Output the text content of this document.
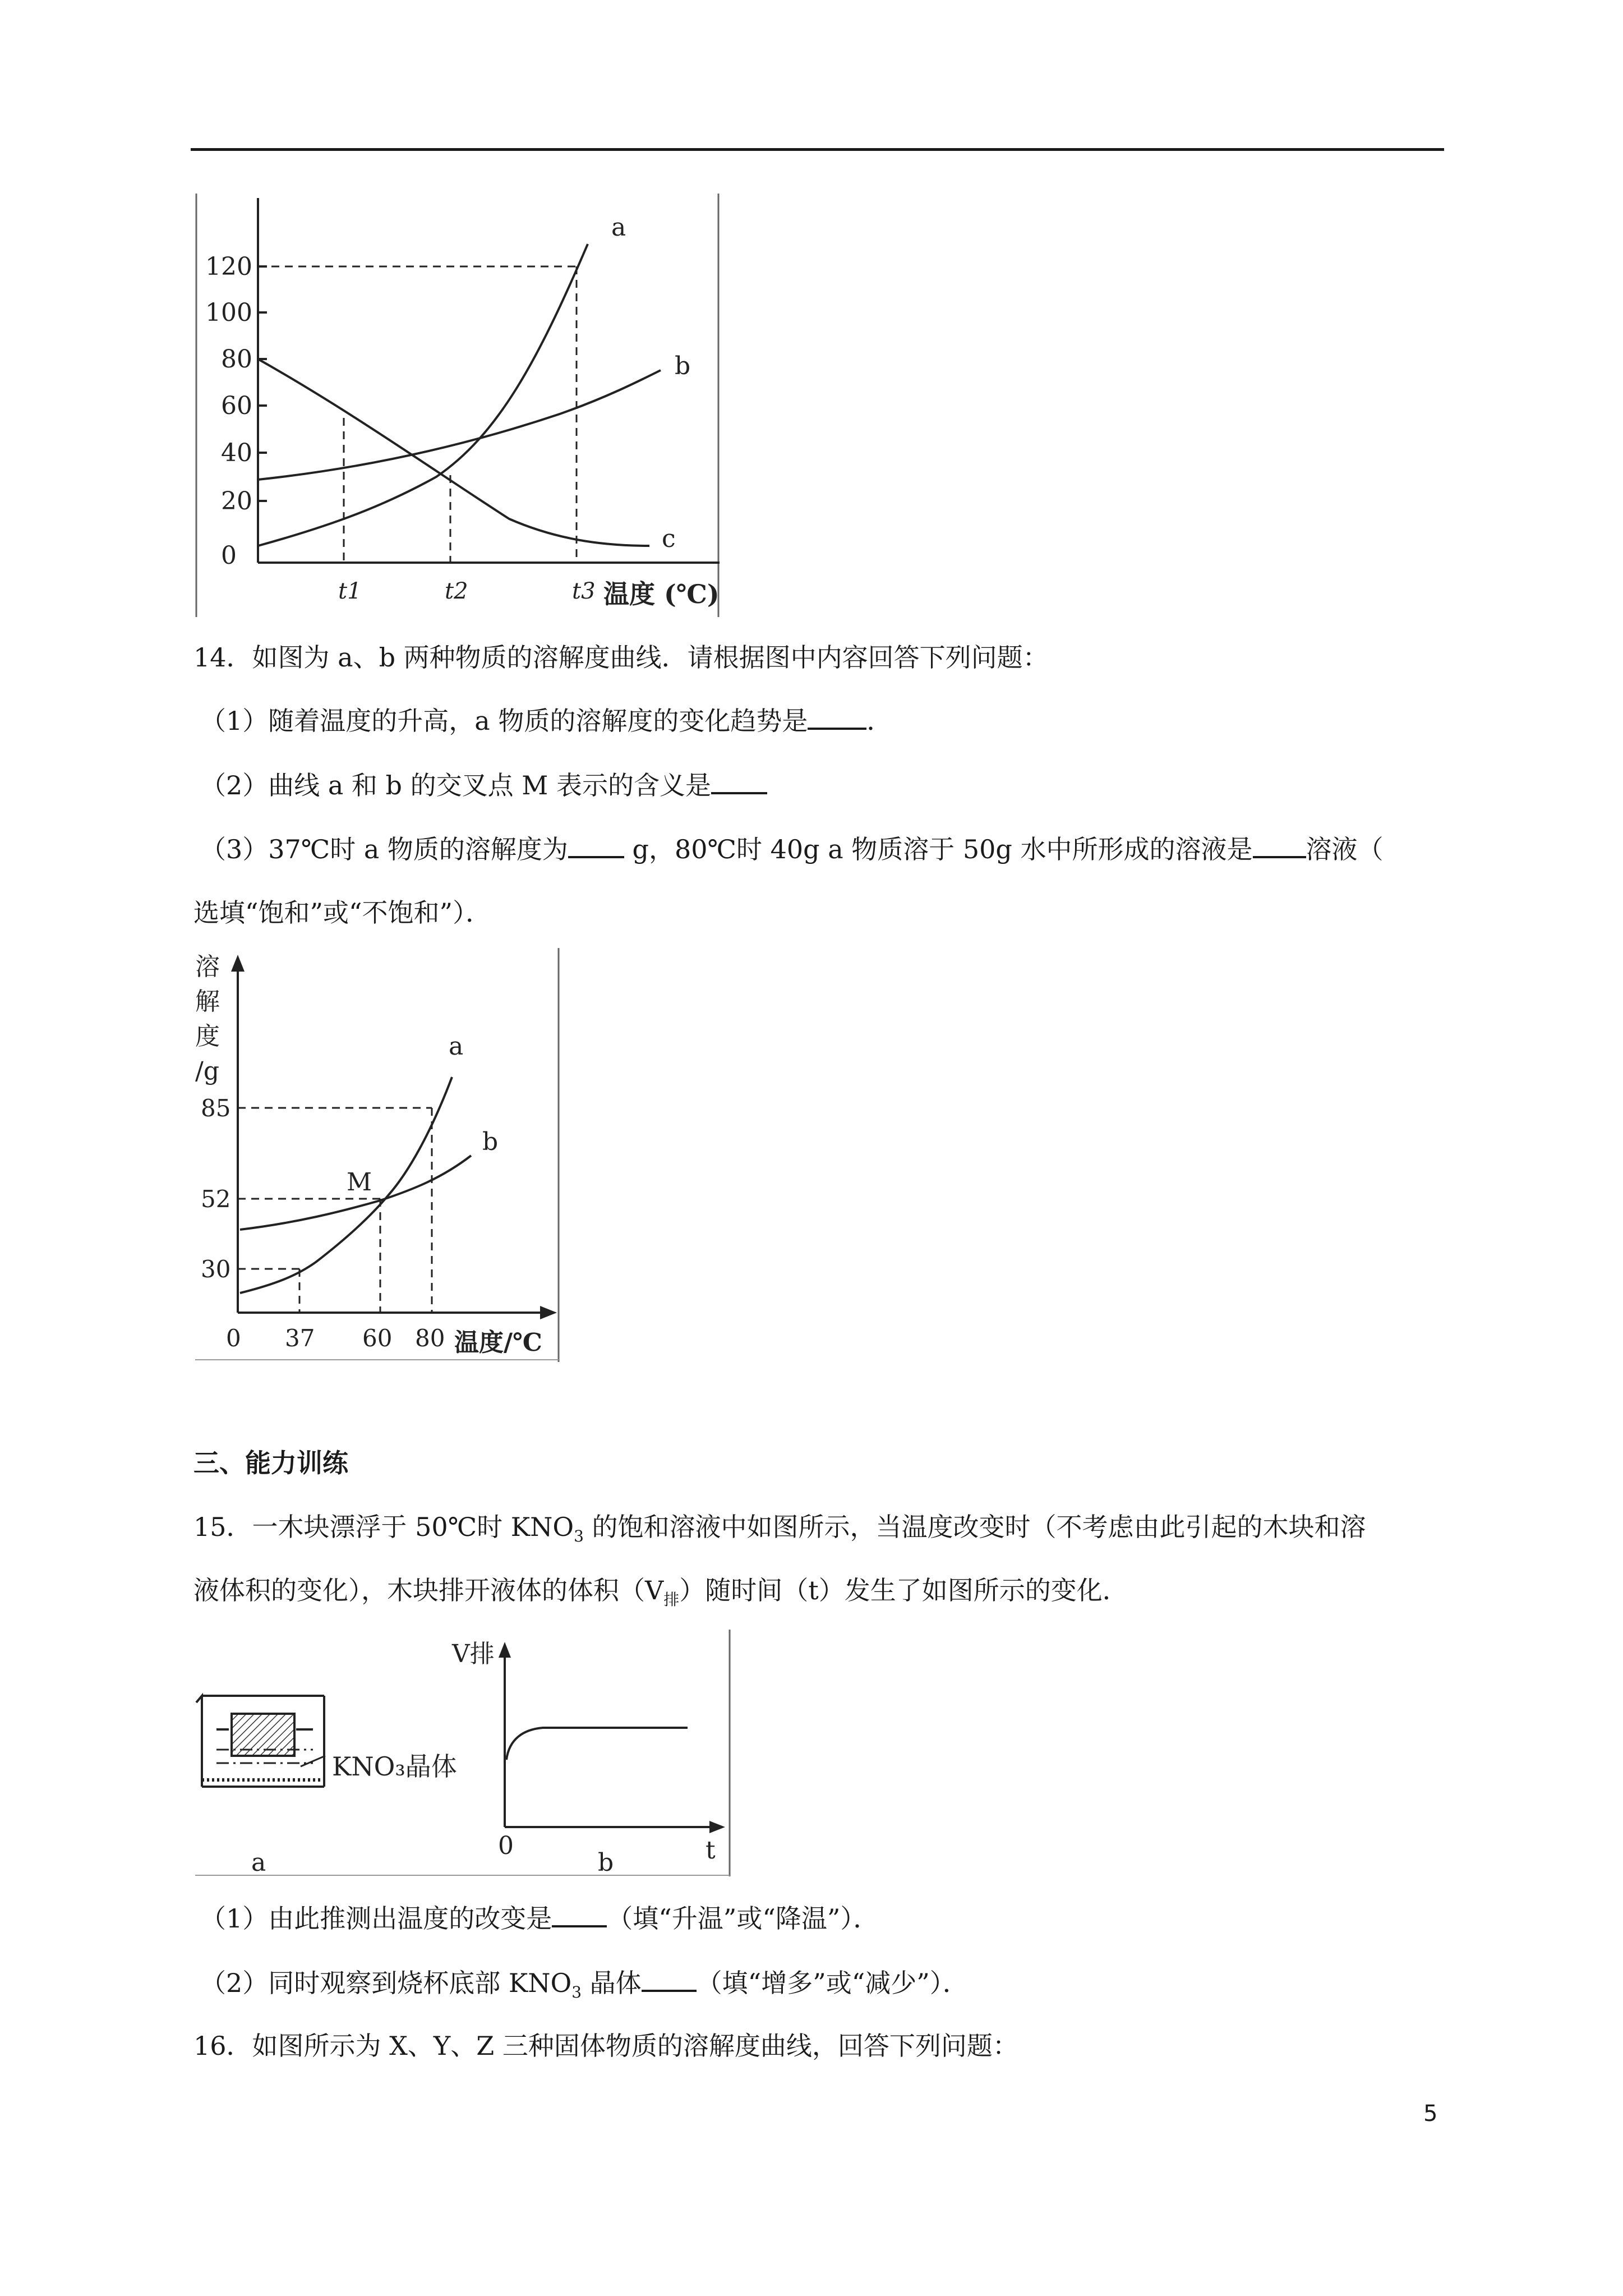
120
100
80
60
40
20
0
a
b
c
t1	t2	t3 温度 (℃)
14．如图为 a、b 两种物质的溶解度曲线．请根据图中内容回答下列问题：
（1）随着温度的升高，a 物质的溶解度的变化趋势是 ．
（2）曲线 a 和 b 的交叉点 M 表示的含义是
（3）37℃时 a 物质的溶解度为 g，80℃时 40g a 物质溶于 50g 水中所形成的溶液是 溶液（
选填“饱和”或“不饱和”）．
溶
解
度
/g
a
b
M
85
52
30
0 37 60 80 温度/℃
三、能力训练
15．一木块漂浮于 50℃时 $KNO_3$ 的饱和溶液中如图所示，当温度改变时（不考虑由此引起的木块和溶
液体积的变化），木块排开液体的体积$(V_排)$随时间（t）发生了如图所示的变化．
KNO₃晶体
a
V排
t
0
b
（1）由此推测出温度的改变是 （填“升温”或“降温”）．
（2）同时观察到烧杯底部 $KNO_3$ 晶体 （填“增多”或“减少”）．
16．如图所示为 X、Y、Z 三种固体物质的溶解度曲线，回答下列问题：
5
